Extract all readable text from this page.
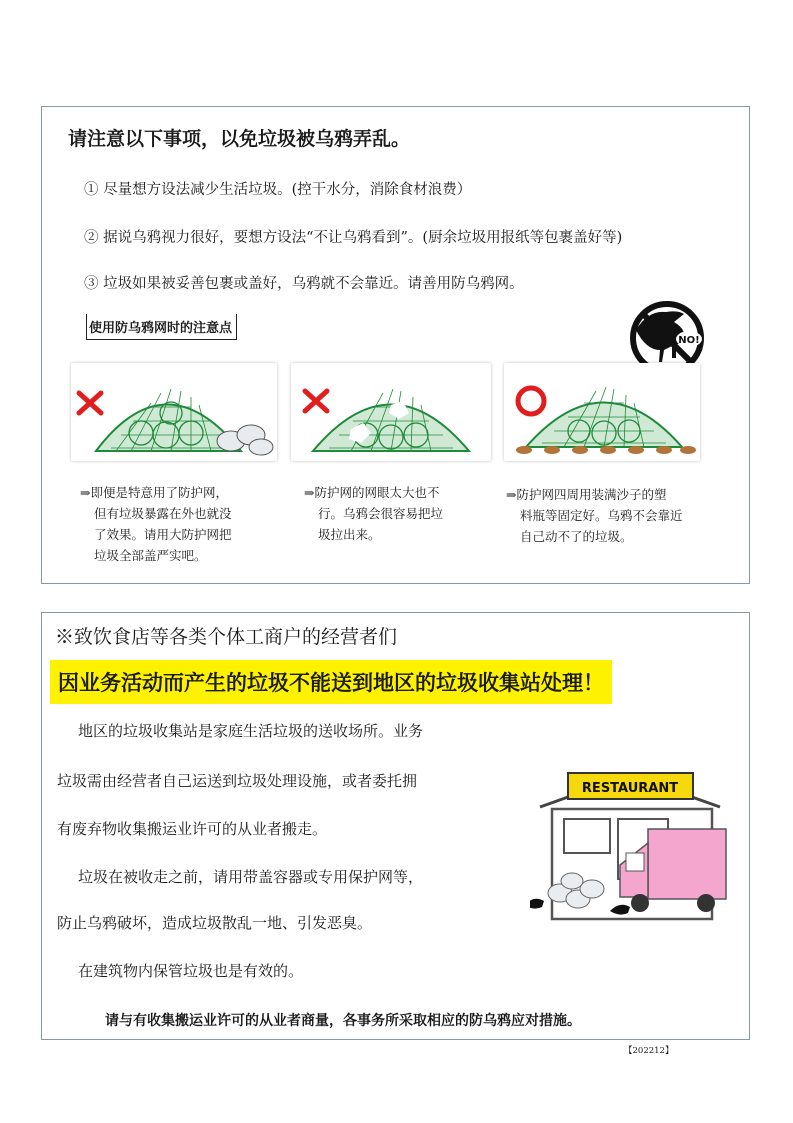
请注意以下事项，以免垃圾被乌鸦弄乱。
① 尽量想方设法减少生活垃圾。(控干水分，消除食材浪费）
② 据说乌鸦视力很好，要想方设法“不让乌鸦看到”。(厨余垃圾用报纸等包裹盖好等)
③ 垃圾如果被妥善包裹或盖好，乌鸦就不会靠近。请善用防乌鸦网。
使用防乌鸦网时的注意点
NO!
⇒即便是特意用了防护网，
但有垃圾暴露在外也就没
了效果。请用大防护网把
垃圾全部盖严实吧。
⇒防护网的网眼太大也不
行。乌鸦会很容易把垃
圾拉出来。
⇒防护网四周用装满沙子的塑
料瓶等固定好。乌鸦不会靠近
自己动不了的垃圾。
※致饮食店等各类个体工商户的经营者们
因业务活动而产生的垃圾不能送到地区的垃圾收集站处理！
地区的垃圾收集站是家庭生活垃圾的送收场所。业务
垃圾需由经营者自己运送到垃圾处理设施，或者委托拥
有废弃物收集搬运业许可的从业者搬走。
垃圾在被收走之前，请用带盖容器或专用保护网等，
防止乌鸦破坏，造成垃圾散乱一地、引发恶臭。
在建筑物内保管垃圾也是有效的。
RESTAURANT
请与有收集搬运业许可的从业者商量，各事务所采取相应的防乌鸦应对措施。
【202212】
